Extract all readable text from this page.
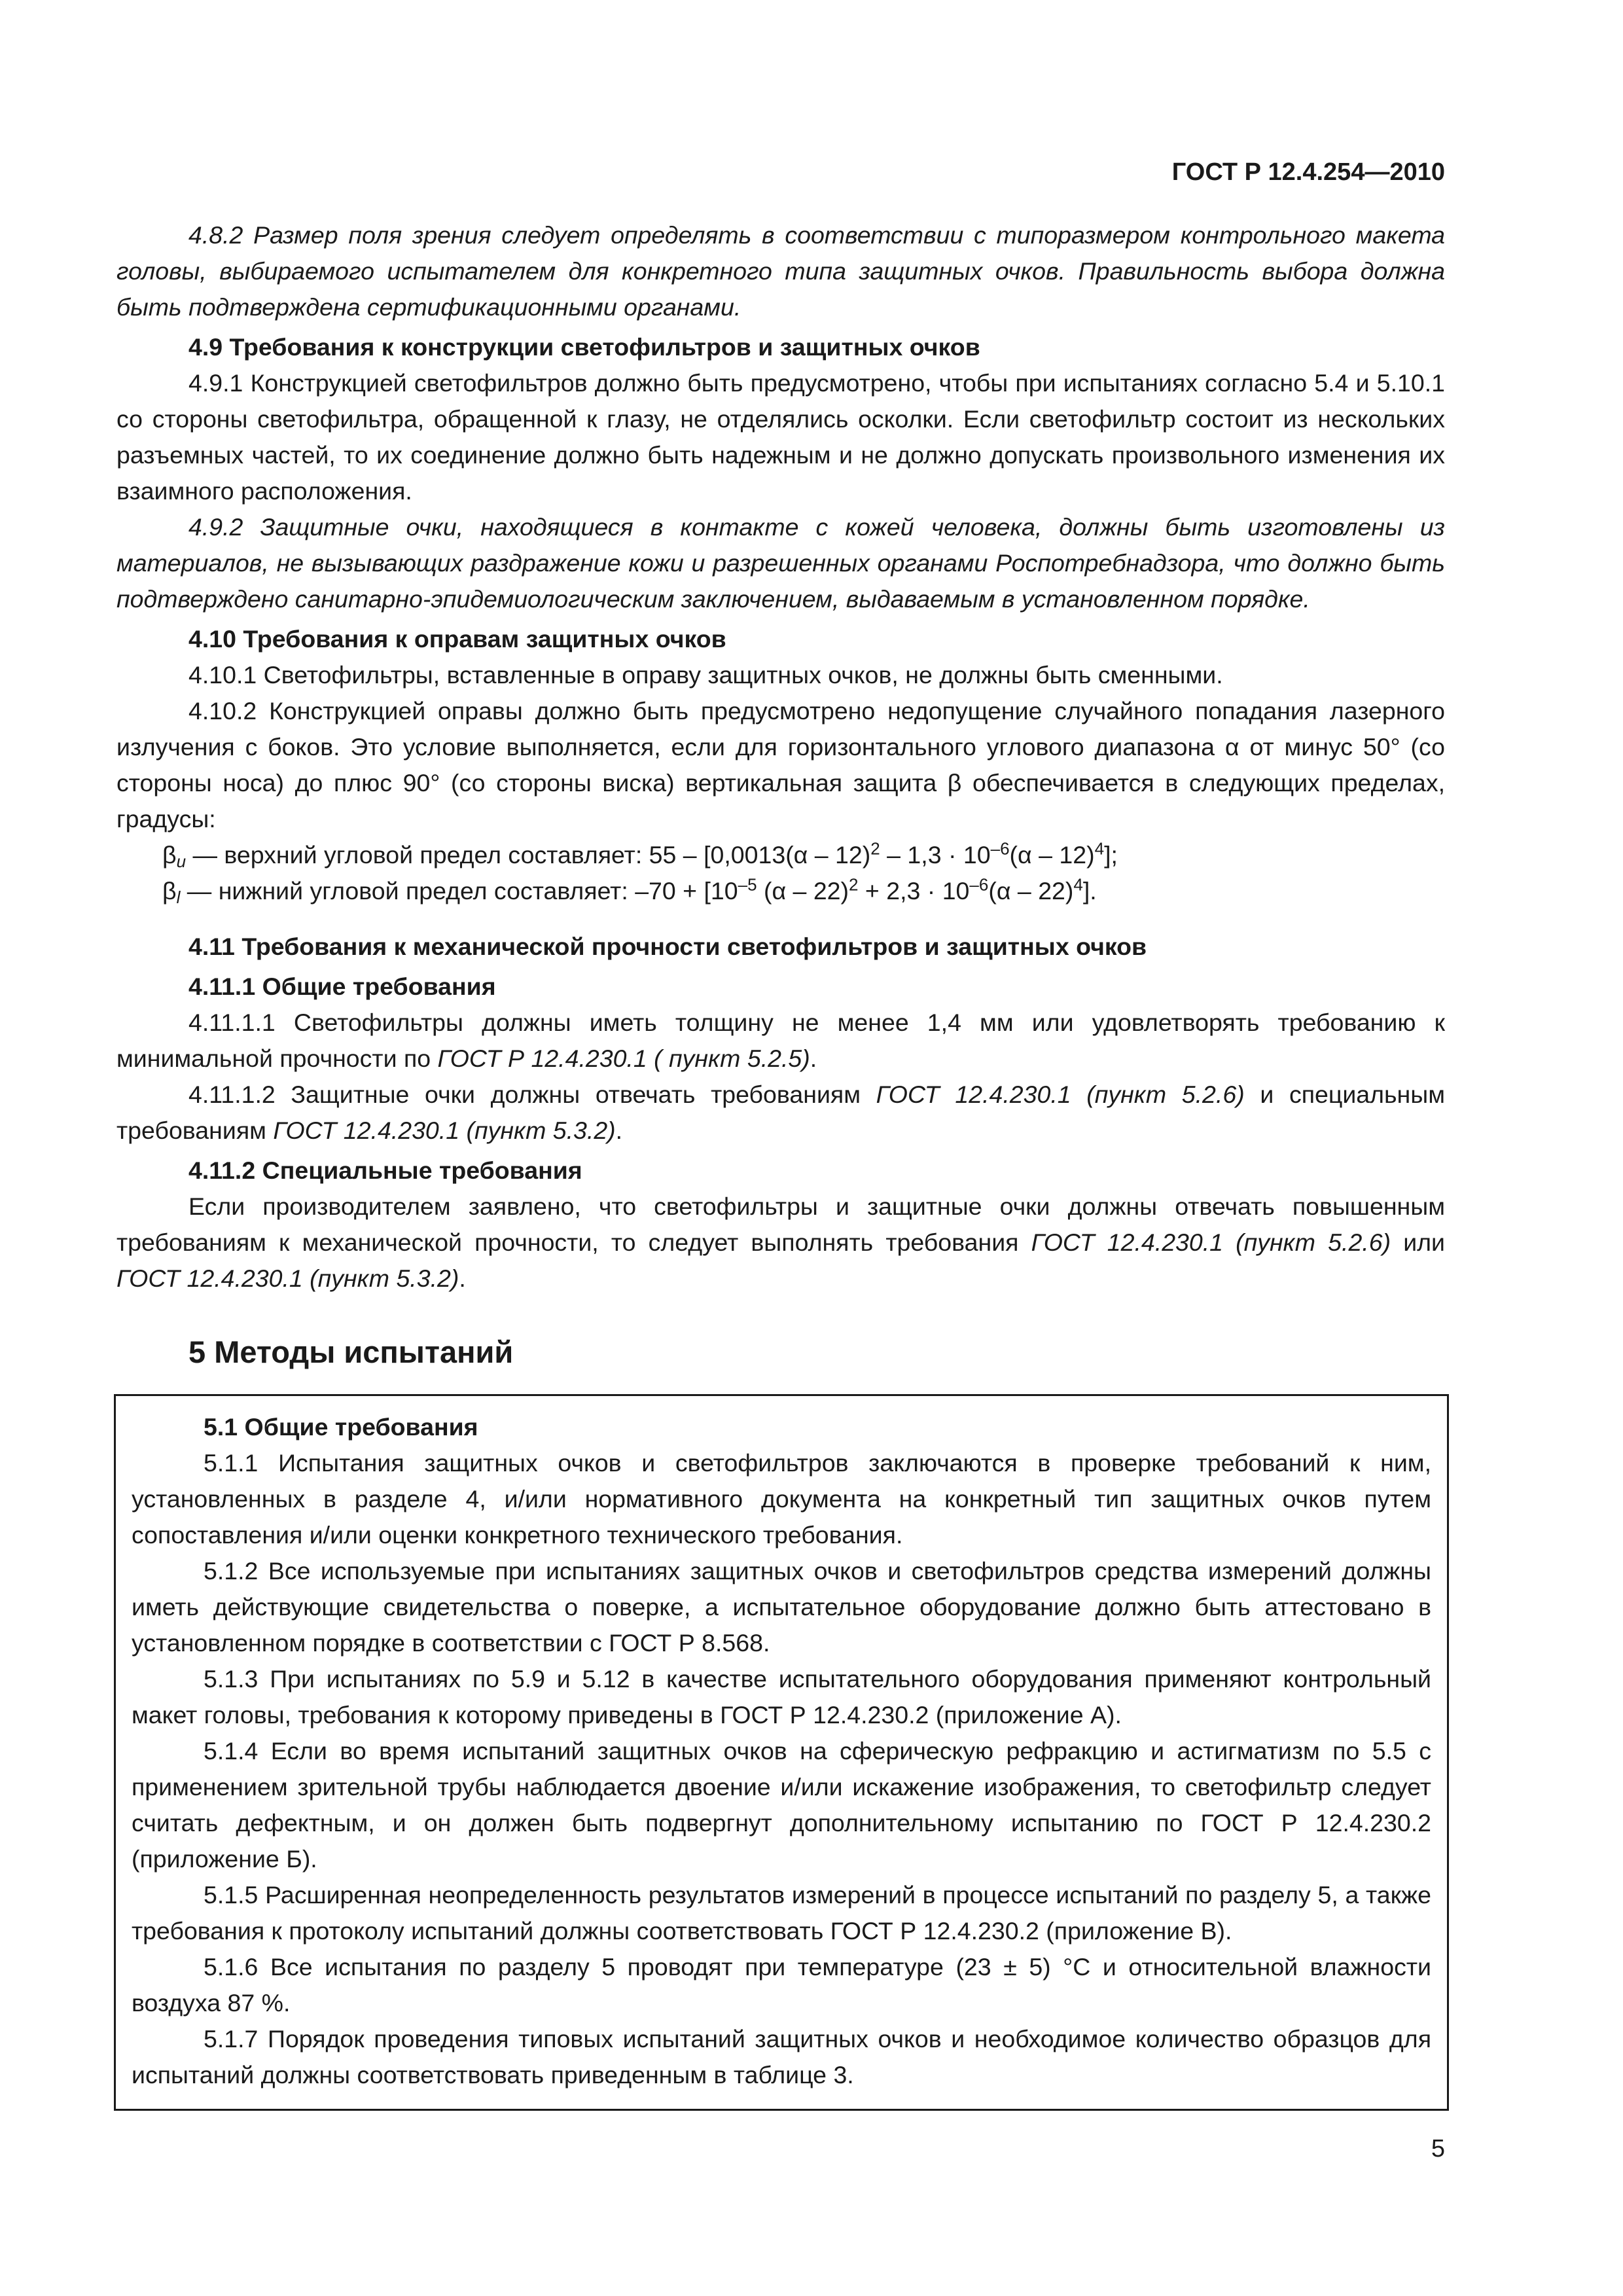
ГОСТ Р 12.4.254—2010

4.8.2 Размер поля зрения следует определять в соответствии с типоразмером контрольного макета головы, выбираемого испытателем для конкретного типа защитных очков. Правильность выбора должна быть подтверждена сертификационными органами.

4.9 Требования к конструкции светофильтров и защитных очков

4.9.1 Конструкцией светофильтров должно быть предусмотрено, чтобы при испытаниях согласно 5.4 и 5.10.1 со стороны светофильтра, обращенной к глазу, не отделялись осколки. Если светофильтр состоит из нескольких разъемных частей, то их соединение должно быть надежным и не должно допускать произвольного изменения их взаимного расположения.

4.9.2 Защитные очки, находящиеся в контакте с кожей человека, должны быть изготовлены из материалов, не вызывающих раздражение кожи и разрешенных органами Роспотребнадзора, что должно быть подтверждено санитарно-эпидемиологическим заключением, выдаваемым в установленном порядке.

4.10 Требования к оправам защитных очков

4.10.1 Светофильтры, вставленные в оправу защитных очков, не должны быть сменными.

4.10.2 Конструкцией оправы должно быть предусмотрено недопущение случайного попадания лазерного излучения с боков. Это условие выполняется, если для горизонтального углового диапазона α от минус 50° (со стороны носа) до плюс 90° (со стороны виска) вертикальная защита β обеспечивается в следующих пределах, градусы:

$\beta_u$ — верхний угловой предел составляет: $55 - [0,0013(\alpha - 12)^2 - 1,3 \cdot 10^{-6}(\alpha - 12)^4]$;
$\beta_l$ — нижний угловой предел составляет: $-70 + [10^{-5}$ $(\alpha - 22)^2 + 2,3 \cdot 10^{-6}(\alpha - 22)^4$].
4.11 Требования к механической прочности светофильтров и защитных очков
4.11.1 Общие требования

4.11.1.1 Светофильтры должны иметь толщину не менее 1,4 мм или удовлетворять требованию к минимальной прочности по ГОСТ Р 12.4.230.1 ( пункт 5.2.5).

4.11.1.2 Защитные очки должны отвечать требованиям ГОСТ 12.4.230.1 (пункт 5.2.6) и специальным требованиям ГОСТ 12.4.230.1 (пункт 5.3.2).

4.11.2 Специальные требования

Если производителем заявлено, что светофильтры и защитные очки должны отвечать повышенным требованиям к механической прочности, то следует выполнять требования ГОСТ 12.4.230.1 (пункт 5.2.6) или ГОСТ 12.4.230.1 (пункт 5.3.2).

5 Методы испытаний
5.1 Общие требования

5.1.1 Испытания защитных очков и светофильтров заключаются в проверке требований к ним, установленных в разделе 4, и/или нормативного документа на конкретный тип защитных очков путем сопоставления и/или оценки конкретного технического требования.

5.1.2 Все используемые при испытаниях защитных очков и светофильтров средства измерений должны иметь действующие свидетельства о поверке, а испытательное оборудование должно быть аттестовано в установленном порядке в соответствии с ГОСТ Р 8.568.

5.1.3 При испытаниях по 5.9 и 5.12 в качестве испытательного оборудования применяют контрольный макет головы, требования к которому приведены в ГОСТ Р 12.4.230.2 (приложение А).

5.1.4 Если во время испытаний защитных очков на сферическую рефракцию и астигматизм по 5.5 с применением зрительной трубы наблюдается двоение и/или искажение изображения, то светофильтр следует считать дефектным, и он должен быть подвергнут дополнительному испытанию по ГОСТ Р 12.4.230.2 (приложение Б).

5.1.5 Расширенная неопределенность результатов измерений в процессе испытаний по разделу 5, а также требования к протоколу испытаний должны соответствовать ГОСТ Р 12.4.230.2 (приложение В).

5.1.6 Все испытания по разделу 5 проводят при температуре (23 ± 5) °С и относительной влажности воздуха 87 %.

5.1.7 Порядок проведения типовых испытаний защитных очков и необходимое количество образцов для испытаний должны соответствовать приведенным в таблице 3.

5
